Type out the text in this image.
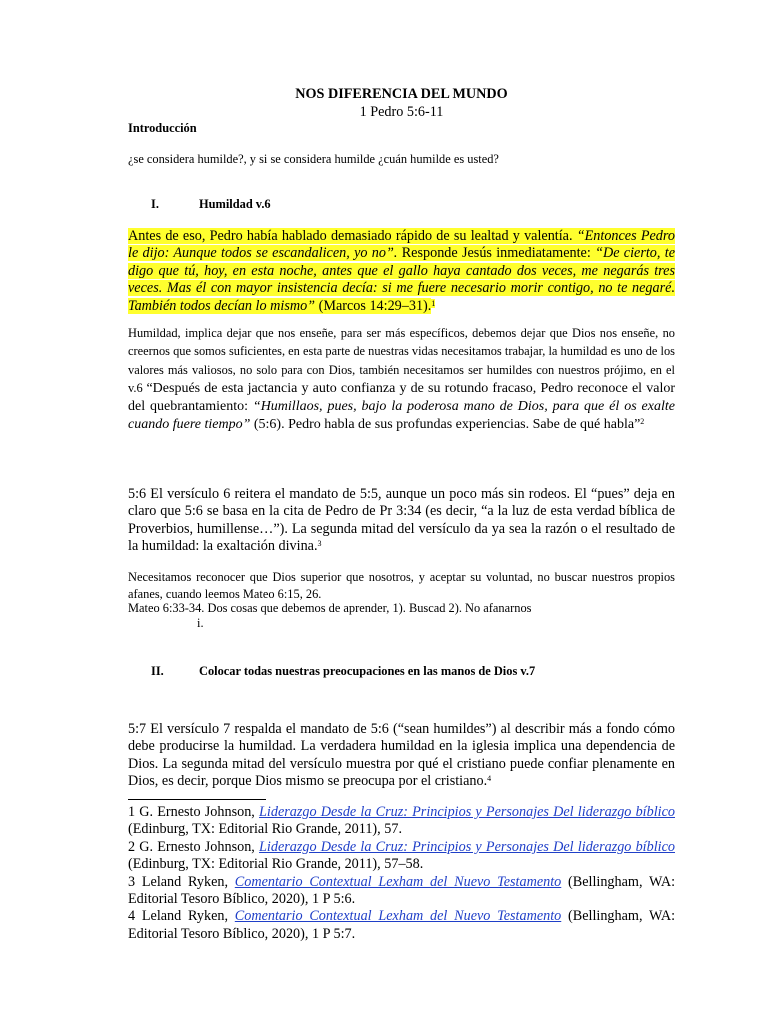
NOS DIFERENCIA DEL MUNDO
1 Pedro 5:6-11
Introducción
¿se considera humilde?, y si se considera humilde ¿cuán humilde es usted?
I.	Humildad v.6
Antes de eso, Pedro había hablado demasiado rápido de su lealtad y valentía. “Entonces Pedro le dijo: Aunque todos se escandalicen, yo no”. Responde Jesús inmediatamente: “De cierto, te digo que tú, hoy, en esta noche, antes que el gallo haya cantado dos veces, me negarás tres veces. Mas él con mayor insistencia decía: si me fuere necesario morir contigo, no te negaré. También todos decían lo mismo” (Marcos 14:29–31).$^1$
Humildad, implica dejar que nos enseñe, para ser más específicos, debemos dejar que Dios nos enseñe, no creernos que somos suficientes, en esta parte de nuestras vidas necesitamos trabajar, la humildad es uno de los valores más valiosos, no solo para con Dios, también necesitamos ser humildes con nuestros prójimo, en el v.6 “Después de esta jactancia y auto confianza y de su rotundo fracaso, Pedro reconoce el valor del quebrantamiento: “Humillaos, pues, bajo la poderosa mano de Dios, para que él os exalte cuando fuere tiempo” (5:6). Pedro habla de sus profundas experiencias. Sabe de qué habla”$^2$
5:6 El versículo 6 reitera el mandato de 5:5, aunque un poco más sin rodeos. El “pues” deja en claro que 5:6 se basa en la cita de Pedro de Pr 3:34 (es decir, “a la luz de esta verdad bíblica de Proverbios, humillense…”). La segunda mitad del versículo da ya sea la razón o el resultado de la humildad: la exaltación divina.$^3$
Necesitamos reconocer que Dios superior que nosotros, y aceptar su voluntad, no buscar nuestros propios afanes, cuando leemos Mateo 6:15, 26.
Mateo 6:33-34. Dos cosas que debemos de aprender, 1). Buscad 2). No afanarnos
i.
II.	Colocar todas nuestras preocupaciones en las manos de Dios v.7
5:7 El versículo 7 respalda el mandato de 5:6 (“sean humildes”) al describir más a fondo cómo debe producirse la humildad. La verdadera humildad en la iglesia implica una dependencia de Dios. La segunda mitad del versículo muestra por qué el cristiano puede confiar plenamente en Dios, es decir, porque Dios mismo se preocupa por el cristiano.$^4$

1 G. Ernesto Johnson, Liderazgo Desde la Cruz: Principios y Personajes Del liderazgo bíblico (Edinburg, TX: Editorial Rio Grande, 2011), 57.

2 G. Ernesto Johnson, Liderazgo Desde la Cruz: Principios y Personajes Del liderazgo bíblico (Edinburg, TX: Editorial Rio Grande, 2011), 57–58.

3 Leland Ryken, Comentario Contextual Lexham del Nuevo Testamento (Bellingham, WA: Editorial Tesoro Bíblico, 2020), 1 P 5:6.

4 Leland Ryken, Comentario Contextual Lexham del Nuevo Testamento (Bellingham, WA: Editorial Tesoro Bíblico, 2020), 1 P 5:7.
